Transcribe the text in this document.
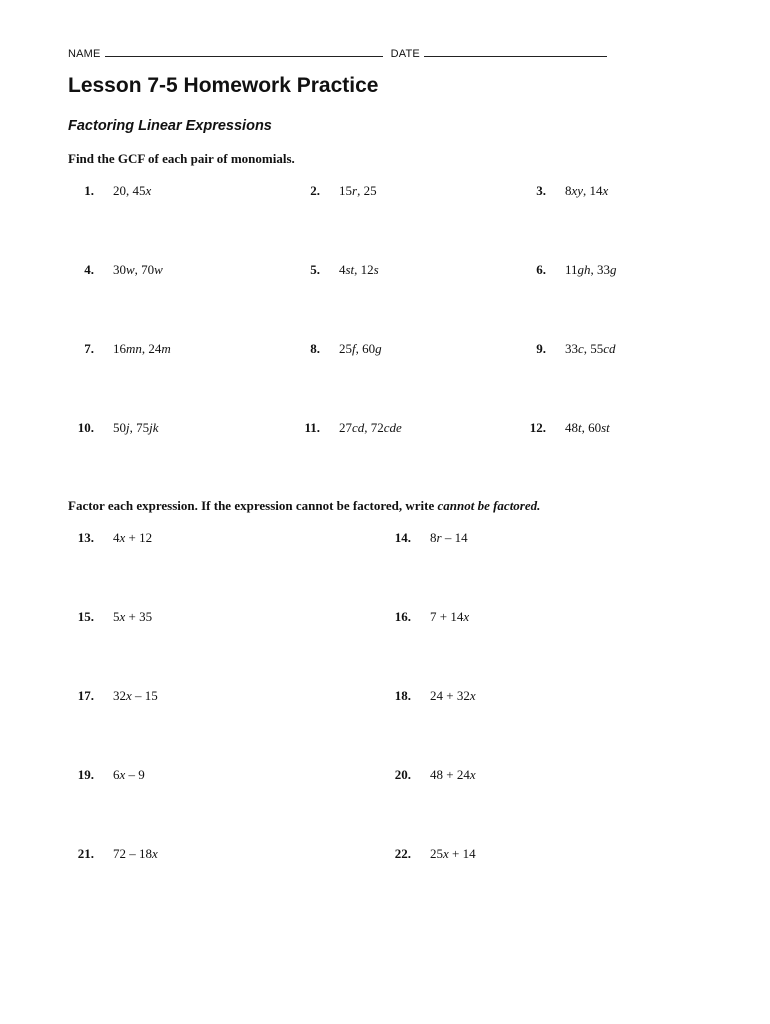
NAME	DATE
Lesson 7-5 Homework Practice
Factoring Linear Expressions

Find the GCF of each pair of monomials.

1. 20, 45x	2. 15r, 25	3. 8xy, 14x
4. 30w, 70w	5. 4st, 12s	6. 11gh, 33g
7. 16mn, 24m	8. 25f, 60g	9. 33c, 55cd
10. 50j, 75jk	11. 27cd, 72cde	12. 48t, 60st

Factor each expression. If the expression cannot be factored, write cannot be factored.

13. 4x + 12	14. 8r – 14
15. 5x + 35	16. 7 + 14x
17. 32x – 15	18. 24 + 32x
19. 6x – 9	20. 48 + 24x
21. 72 – 18x	22. 25x + 14
